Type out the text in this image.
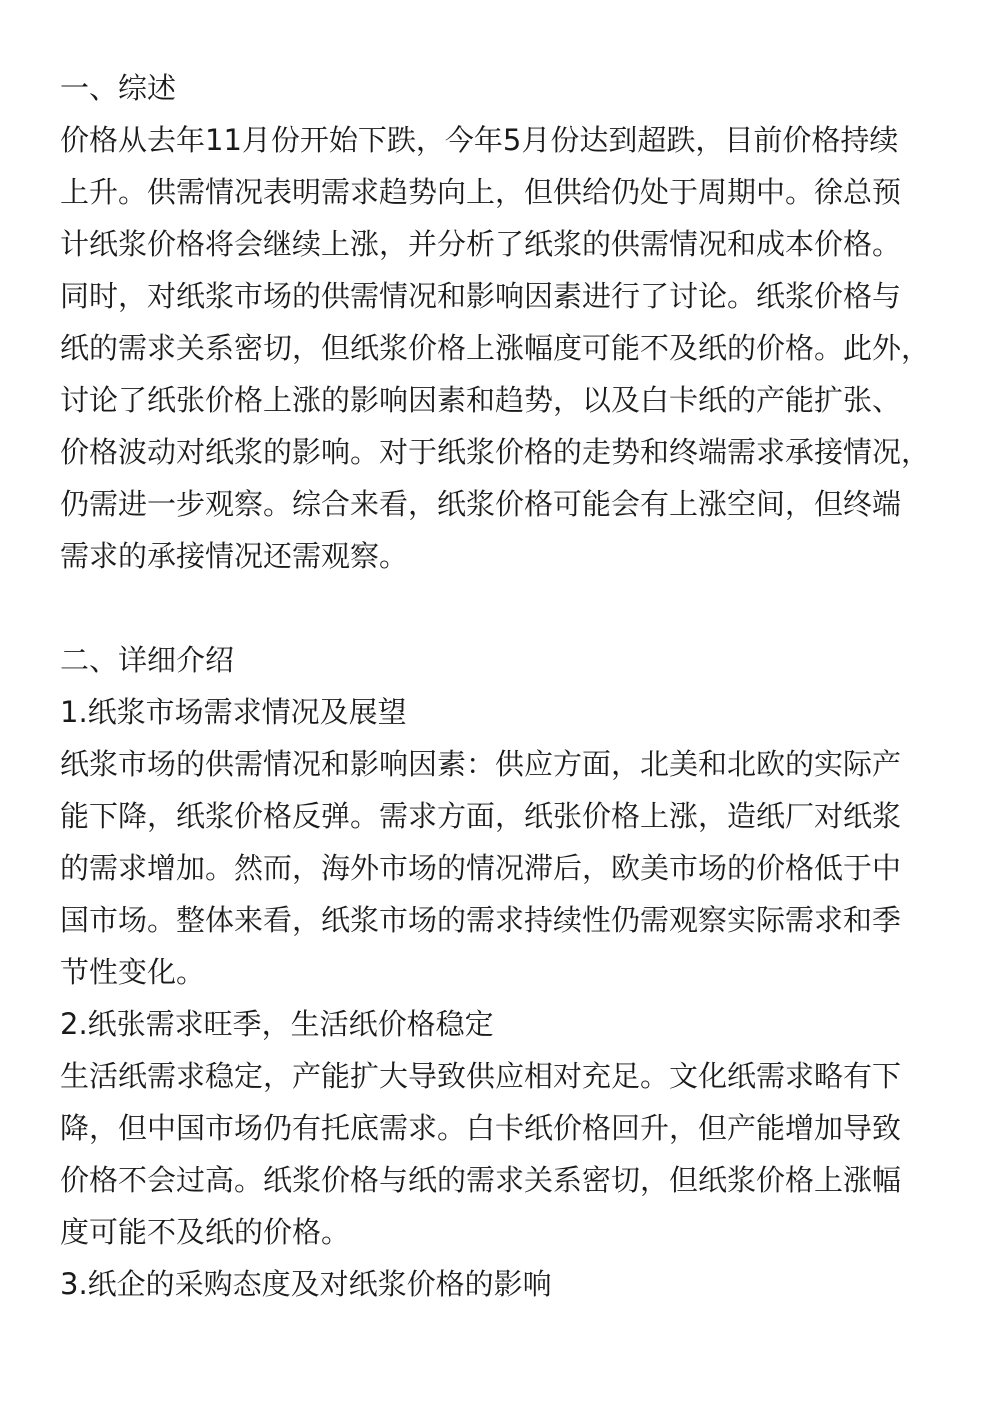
一、综述
价格从去年11月份开始下跌，今年5月份达到超跌，目前价格持续
上升。供需情况表明需求趋势向上，但供给仍处于周期中。徐总预
计纸浆价格将会继续上涨，并分析了纸浆的供需情况和成本价格。
同时，对纸浆市场的供需情况和影响因素进行了讨论。纸浆价格与
纸的需求关系密切，但纸浆价格上涨幅度可能不及纸的价格。此外，
讨论了纸张价格上涨的影响因素和趋势，以及白卡纸的产能扩张、
价格波动对纸浆的影响。对于纸浆价格的走势和终端需求承接情况，
仍需进一步观察。综合来看，纸浆价格可能会有上涨空间，但终端
需求的承接情况还需观察。
二、详细介绍
1.纸浆市场需求情况及展望
纸浆市场的供需情况和影响因素：供应方面，北美和北欧的实际产
能下降，纸浆价格反弹。需求方面，纸张价格上涨，造纸厂对纸浆
的需求增加。然而，海外市场的情况滞后，欧美市场的价格低于中
国市场。整体来看，纸浆市场的需求持续性仍需观察实际需求和季
节性变化。
2.纸张需求旺季，生活纸价格稳定
生活纸需求稳定，产能扩大导致供应相对充足。文化纸需求略有下
降，但中国市场仍有托底需求。白卡纸价格回升，但产能增加导致
价格不会过高。纸浆价格与纸的需求关系密切，但纸浆价格上涨幅
度可能不及纸的价格。
3.纸企的采购态度及对纸浆价格的影响
